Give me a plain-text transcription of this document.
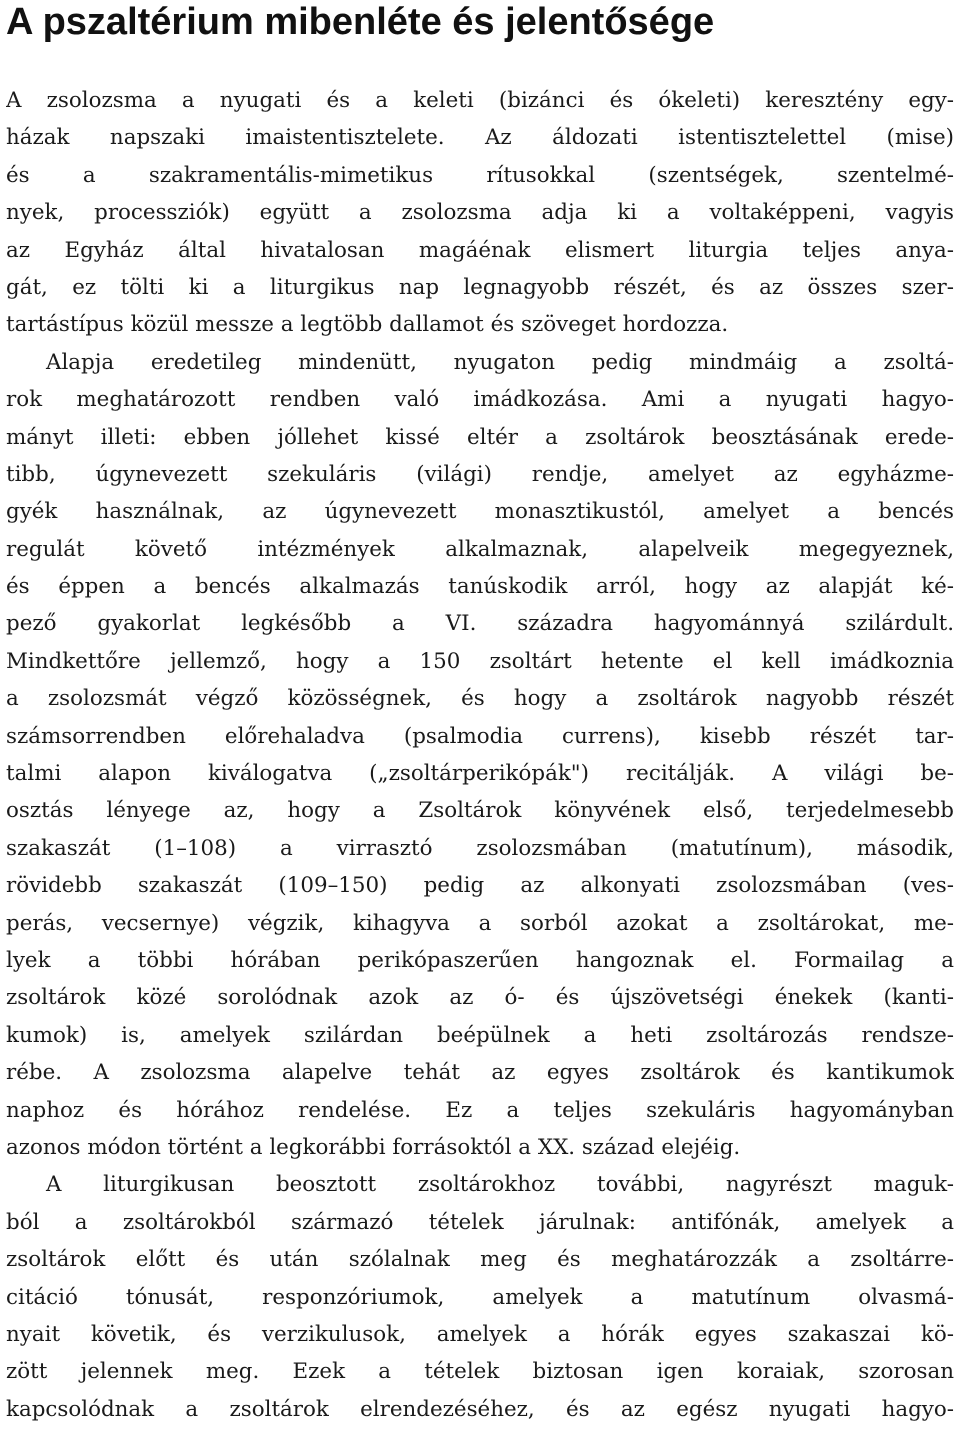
A pszaltérium mibenléte és jelentősége
A zsolozsma a nyugati és a keleti (bizánci és ókeleti) keresztény egy-
házak napszaki imaistentisztelete. Az áldozati istentisztelettel (mise)
és a szakramentális-mimetikus rítusokkal (szentségek, szentelmé-
nyek, processziók) együtt a zsolozsma adja ki a voltaképpeni, vagyis
az Egyház által hivatalosan magáénak elismert liturgia teljes anya-
gát, ez tölti ki a liturgikus nap legnagyobb részét, és az összes szer-
tartástípus közül messze a legtöbb dallamot és szöveget hordozza.
Alapja eredetileg mindenütt, nyugaton pedig mindmáig a zsoltá-
rok meghatározott rendben való imádkozása. Ami a nyugati hagyo-
mányt illeti: ebben jóllehet kissé eltér a zsoltárok beosztásának erede-
tibb, úgynevezett szekuláris (világi) rendje, amelyet az egyházme-
gyék használnak, az úgynevezett monasztikustól, amelyet a bencés
regulát követő intézmények alkalmaznak, alapelveik megegyeznek,
és éppen a bencés alkalmazás tanúskodik arról, hogy az alapját ké-
pező gyakorlat legkésőbb a VI. századra hagyománnyá szilárdult.
Mindkettőre jellemző, hogy a 150 zsoltárt hetente el kell imádkoznia
a zsolozsmát végző közösségnek, és hogy a zsoltárok nagyobb részét
számsorrendben előrehaladva (psalmodia currens), kisebb részét tar-
talmi alapon kiválogatva („zsoltárperikópák") recitálják. A világi be-
osztás lényege az, hogy a Zsoltárok könyvének első, terjedelmesebb
szakaszát (1–108) a virrasztó zsolozsmában (matutínum), második,
rövidebb szakaszát (109–150) pedig az alkonyati zsolozsmában (ves-
perás, vecsernye) végzik, kihagyva a sorból azokat a zsoltárokat, me-
lyek a többi hórában perikópaszerűen hangoznak el. Formailag a
zsoltárok közé sorolódnak azok az ó- és újszövetségi énekek (kanti-
kumok) is, amelyek szilárdan beépülnek a heti zsoltározás rendsze-
rébe. A zsolozsma alapelve tehát az egyes zsoltárok és kantikumok
naphoz és hórához rendelése. Ez a teljes szekuláris hagyományban
azonos módon történt a legkorábbi forrásoktól a XX. század elejéig.
A liturgikusan beosztott zsoltárokhoz további, nagyrészt maguk-
ból a zsoltárokból származó tételek járulnak: antifónák, amelyek a
zsoltárok előtt és után szólalnak meg és meghatározzák a zsoltárre-
citáció tónusát, responzóriumok, amelyek a matutínum olvasmá-
nyait követik, és verzikulusok, amelyek a hórák egyes szakaszai kö-
zött jelennek meg. Ezek a tételek biztosan igen koraiak, szorosan
kapcsolódnak a zsoltárok elrendezéséhez, és az egész nyugati hagyo-
